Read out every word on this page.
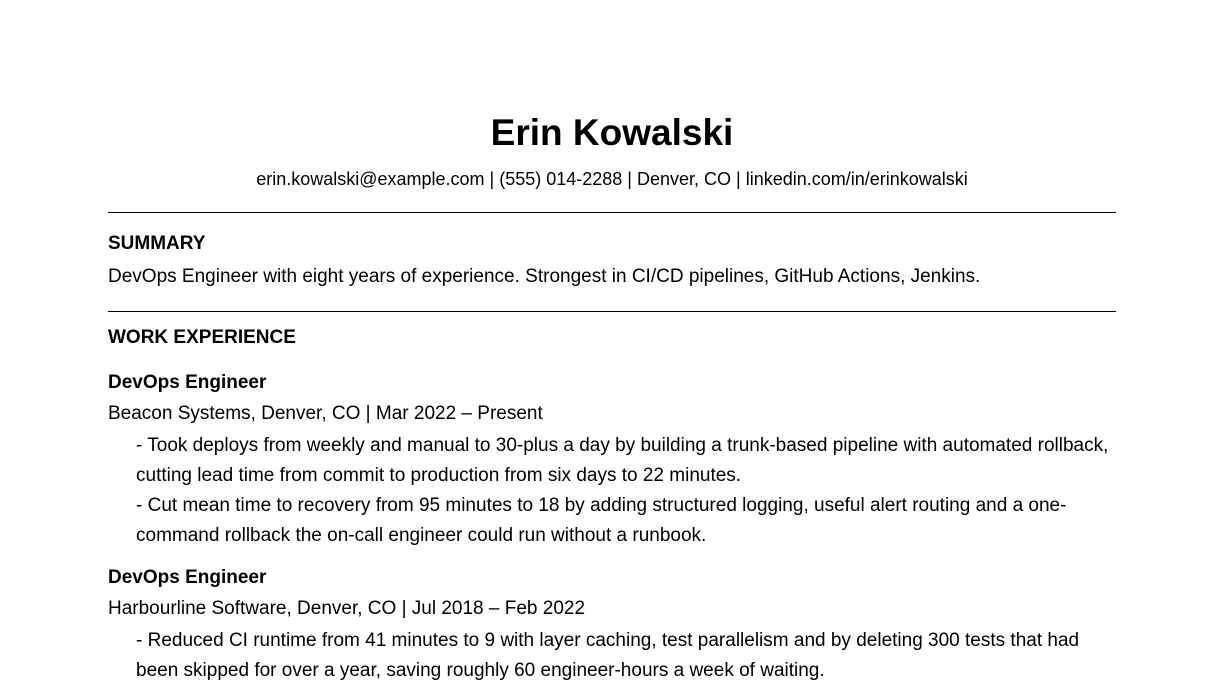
Erin Kowalski
erin.kowalski@example.com | (555) 014-2288 | Denver, CO | linkedin.com/in/erinkowalski
SUMMARY
DevOps Engineer with eight years of experience. Strongest in CI/CD pipelines, GitHub Actions, Jenkins.
WORK EXPERIENCE
DevOps Engineer
Beacon Systems, Denver, CO | Mar 2022 – Present
- Took deploys from weekly and manual to 30-plus a day by building a trunk-based pipeline with automated rollback, cutting lead time from commit to production from six days to 22 minutes.
- Cut mean time to recovery from 95 minutes to 18 by adding structured logging, useful alert routing and a one-command rollback the on-call engineer could run without a runbook.
DevOps Engineer
Harbourline Software, Denver, CO | Jul 2018 – Feb 2022
- Reduced CI runtime from 41 minutes to 9 with layer caching, test parallelism and by deleting 300 tests that had been skipped for over a year, saving roughly 60 engineer-hours a week of waiting.
